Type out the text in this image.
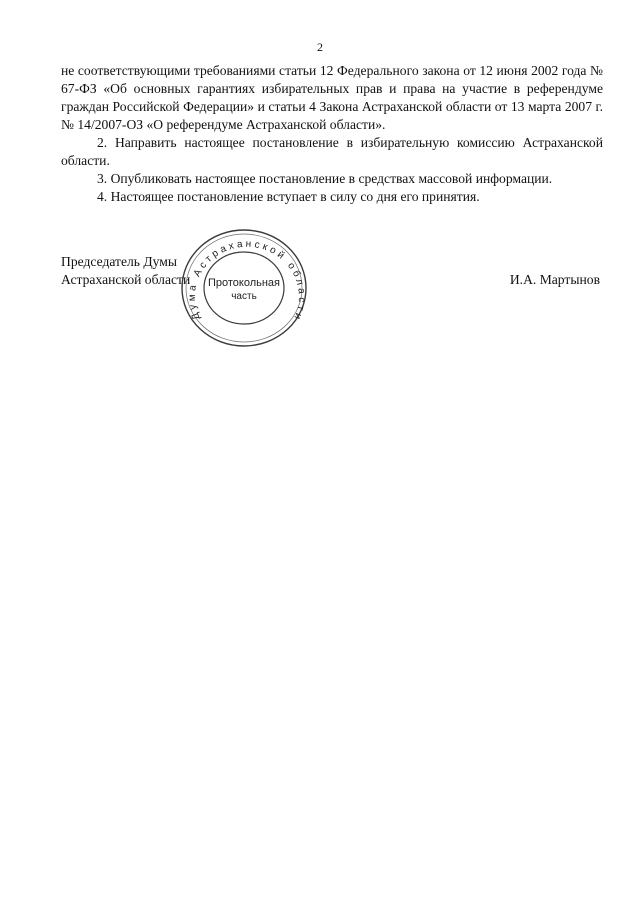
2

не соответствующими требованиями статьи 12 Федерального закона от 12 июня 2002 года № 67-ФЗ «Об основных гарантиях избирательных прав и права на участие в референдуме граждан Российской Федерации» и статьи 4 Закона Астраханской области от 13 марта 2007 г. № 14/2007-ОЗ «О референдуме Астраханской области».

2. Направить настоящее постановление в избирательную комиссию Астраханской области.

3. Опубликовать настоящее постановление в средствах массовой информации.

4. Настоящее постановление вступает в силу со дня его принятия.

Председатель Думы
Астраханской области	И.А. Мартынов
Дума Астраханской области
Протокольная
часть
